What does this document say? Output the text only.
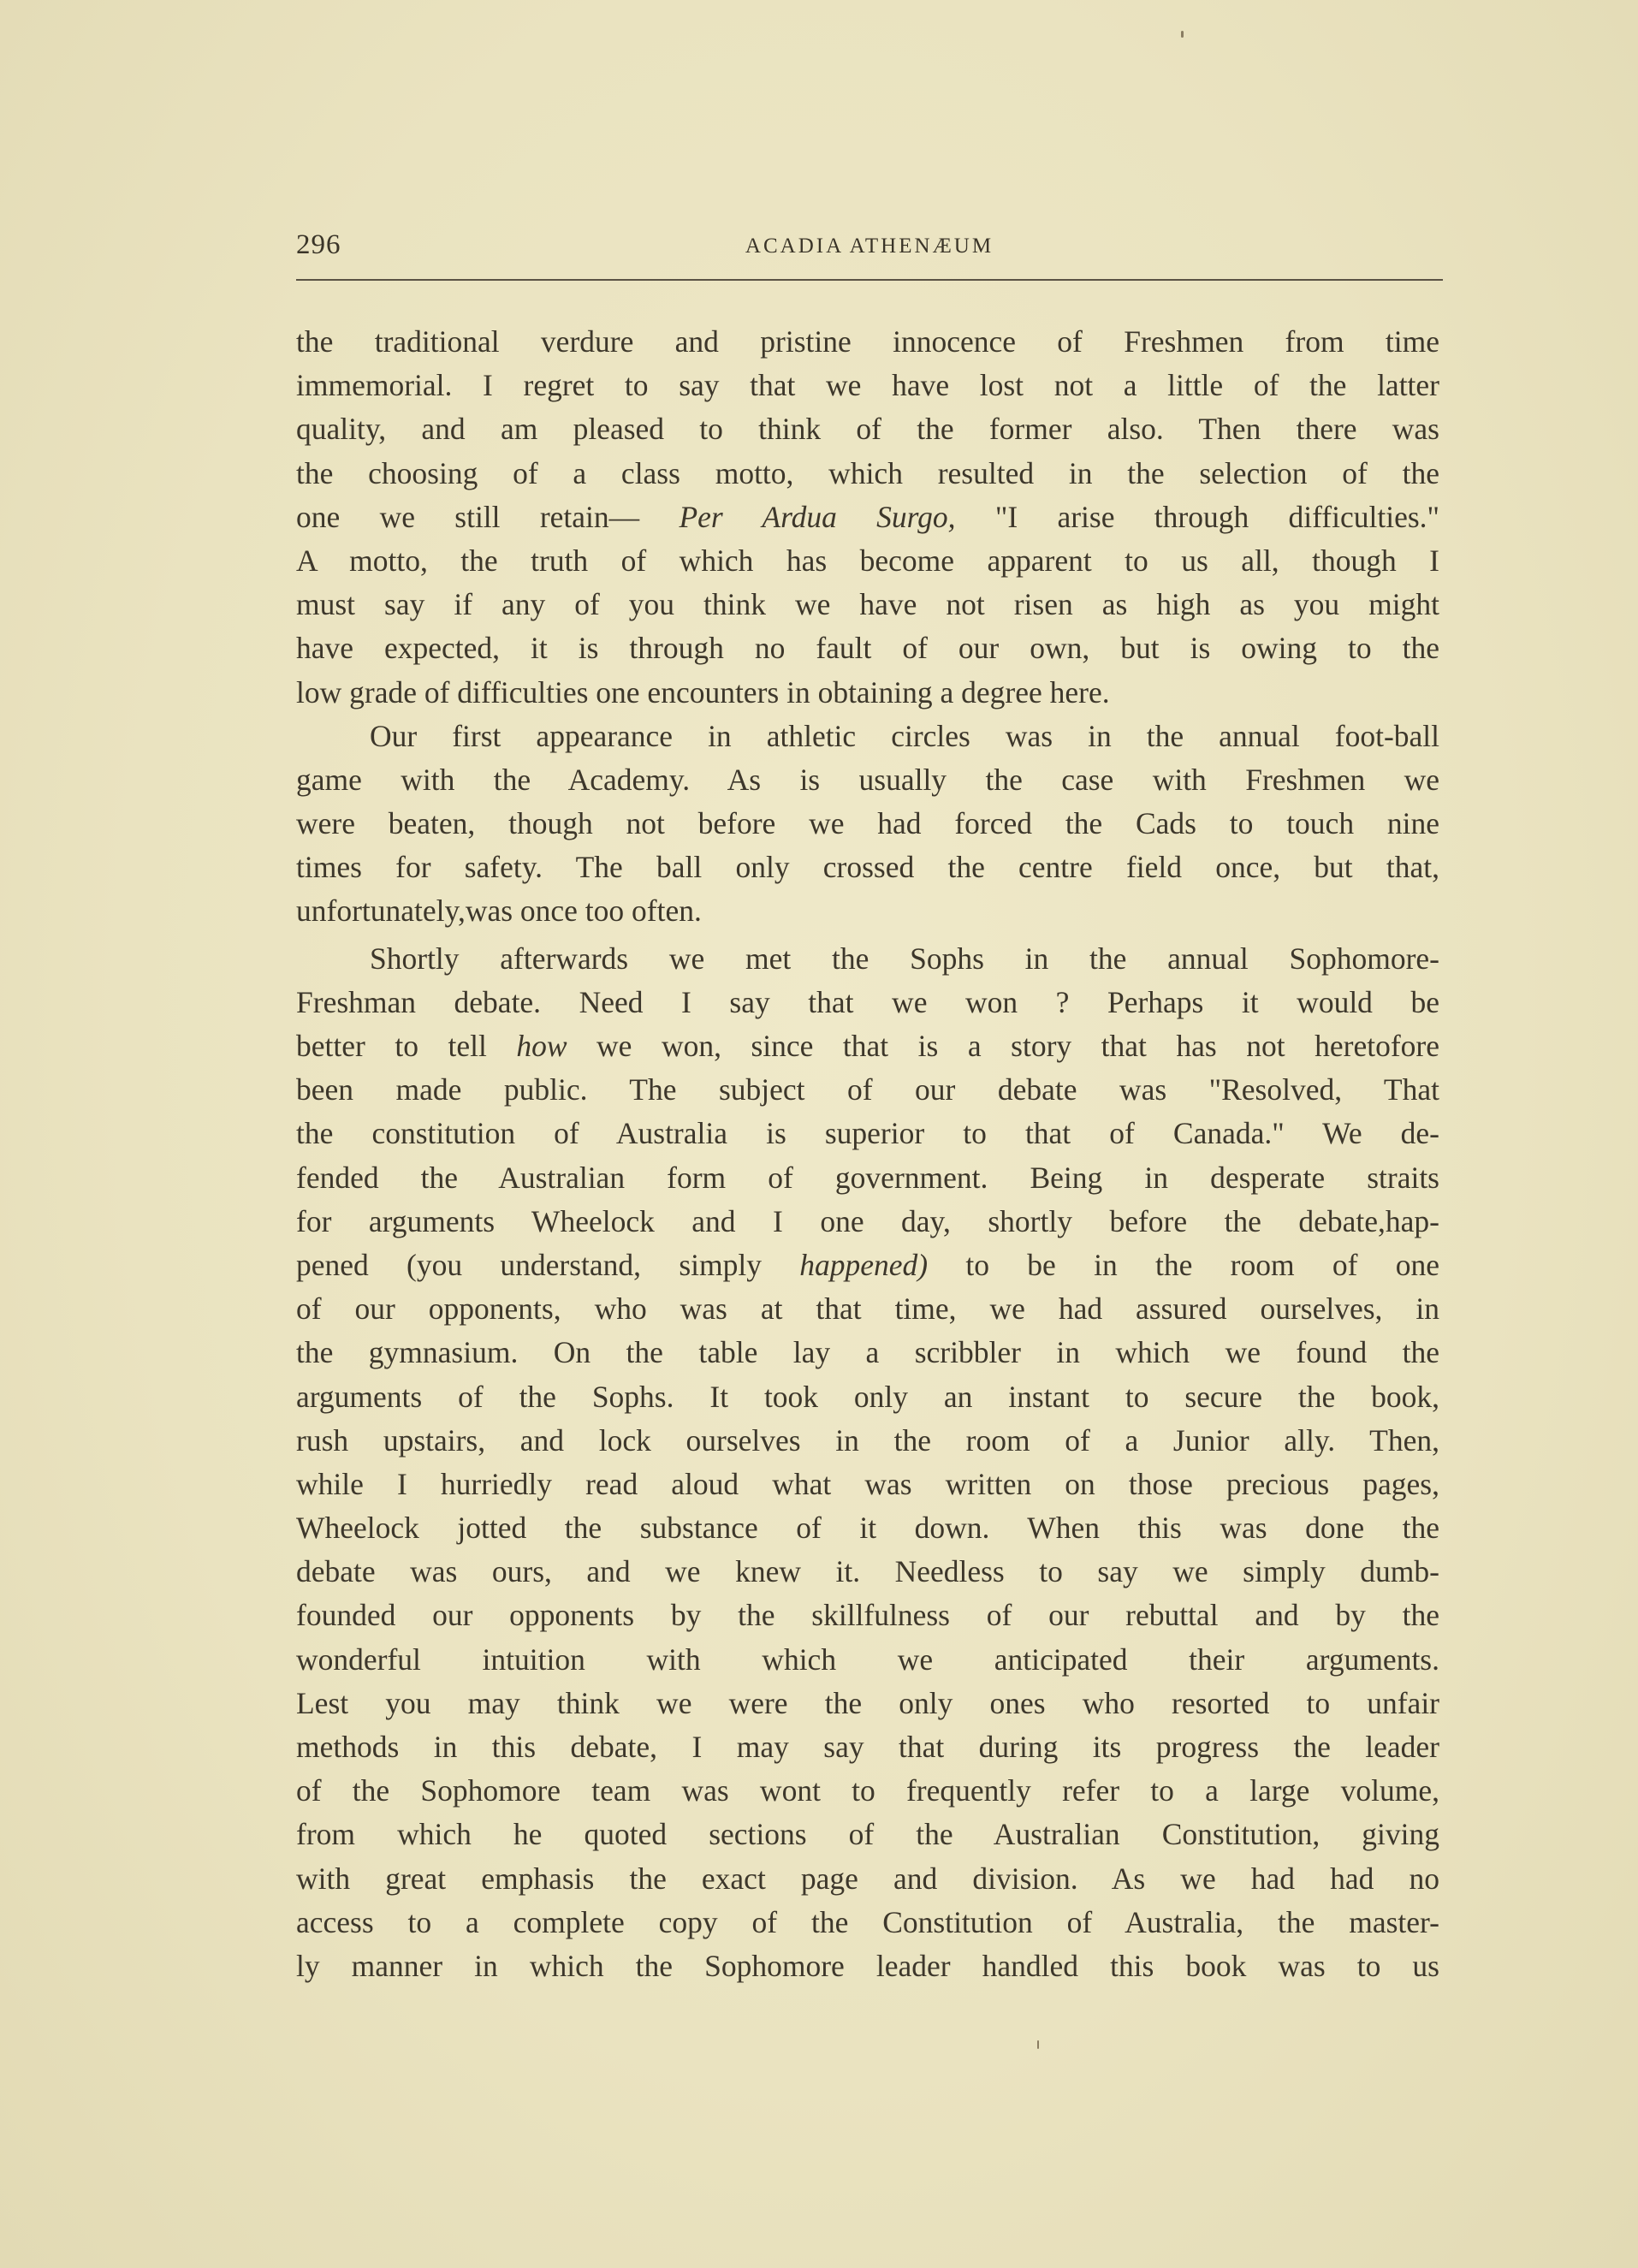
296	ACADIA ATHENÆUM
the traditional verdure and pristine innocence of Freshmen from time
immemorial. I regret to say that we have lost not a little of the latter
quality, and am pleased to think of the former also. Then there was
the choosing of a class motto, which resulted in the selection of the
one we still retain— Per Ardua Surgo, "I arise through difficulties."
A motto, the truth of which has become apparent to us all, though I
must say if any of you think we have not risen as high as you might
have expected, it is through no fault of our own, but is owing to the
low grade of difficulties one encounters in obtaining a degree here.
Our first appearance in athletic circles was in the annual foot-ball
game with the Academy. As is usually the case with Freshmen we
were beaten, though not before we had forced the Cads to touch nine
times for safety. The ball only crossed the centre field once, but that,
unfortunately,was once too often.
Shortly afterwards we met the Sophs in the annual Sophomore-
Freshman debate. Need I say that we won ? Perhaps it would be
better to tell how we won, since that is a story that has not heretofore
been made public. The subject of our debate was "Resolved, That
the constitution of Australia is superior to that of Canada." We de-
fended the Australian form of government. Being in desperate straits
for arguments Wheelock and I one day, shortly before the debate,hap-
pened (you understand, simply happened) to be in the room of one
of our opponents, who was at that time, we had assured ourselves, in
the gymnasium. On the table lay a scribbler in which we found the
arguments of the Sophs. It took only an instant to secure the book,
rush upstairs, and lock ourselves in the room of a Junior ally. Then,
while I hurriedly read aloud what was written on those precious pages,
Wheelock jotted the substance of it down. When this was done the
debate was ours, and we knew it. Needless to say we simply dumb-
founded our opponents by the skillfulness of our rebuttal and by the
wonderful intuition with which we anticipated their arguments.
Lest you may think we were the only ones who resorted to unfair
methods in this debate, I may say that during its progress the leader
of the Sophomore team was wont to frequently refer to a large volume,
from which he quoted sections of the Australian Constitution, giving
with great emphasis the exact page and division. As we had had no
access to a complete copy of the Constitution of Australia, the master-
ly manner in which the Sophomore leader handled this book was to us
